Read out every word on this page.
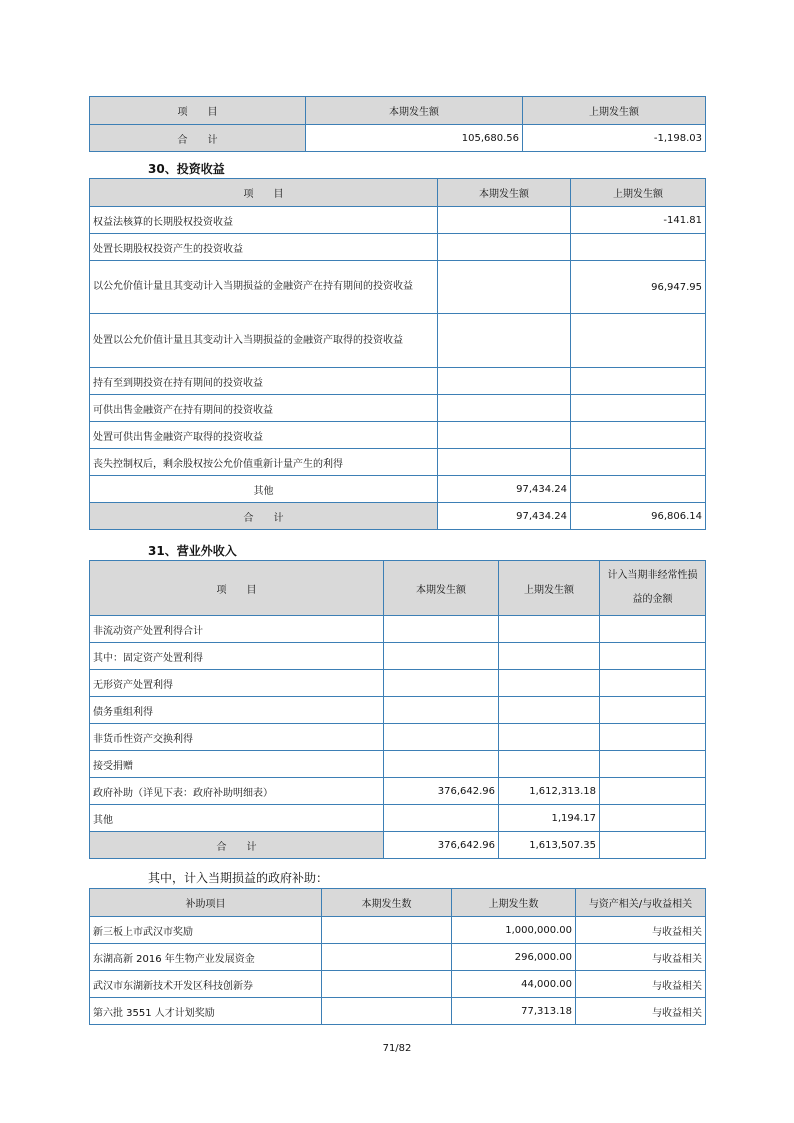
项　　目	本期发生额	上期发生额
合　　计	105,680.56	-1,198.03
30、投资收益
项　　目	本期发生额	上期发生额
权益法核算的长期股权投资收益		-141.81
处置长期股权投资产生的投资收益		
以公允价值计量且其变动计入当期损益的金融资产在持有期间的投资收益		96,947.95
处置以公允价值计量且其变动计入当期损益的金融资产取得的投资收益		
持有至到期投资在持有期间的投资收益		
可供出售金融资产在持有期间的投资收益		
处置可供出售金融资产取得的投资收益		
丧失控制权后，剩余股权按公允价值重新计量产生的利得		
其他	97,434.24	
合　　计	97,434.24	96,806.14
31、营业外收入
项　　目	本期发生额	上期发生额	计入当期非经常性损益的金额
非流动资产处置利得合计			
其中：固定资产处置利得			
无形资产处置利得			
债务重组利得			
非货币性资产交换利得			
接受捐赠			
政府补助（详见下表：政府补助明细表）	376,642.96	1,612,313.18	
其他		1,194.17	
合　　计	376,642.96	1,613,507.35	
其中，计入当期损益的政府补助：
补助项目	本期发生数	上期发生数	与资产相关/与收益相关
新三板上市武汉市奖励		1,000,000.00	与收益相关
东湖高新 2016 年生物产业发展资金		296,000.00	与收益相关
武汉市东湖新技术开发区科技创新券		44,000.00	与收益相关
第六批 3551 人才计划奖励		77,313.18	与收益相关
71/82
